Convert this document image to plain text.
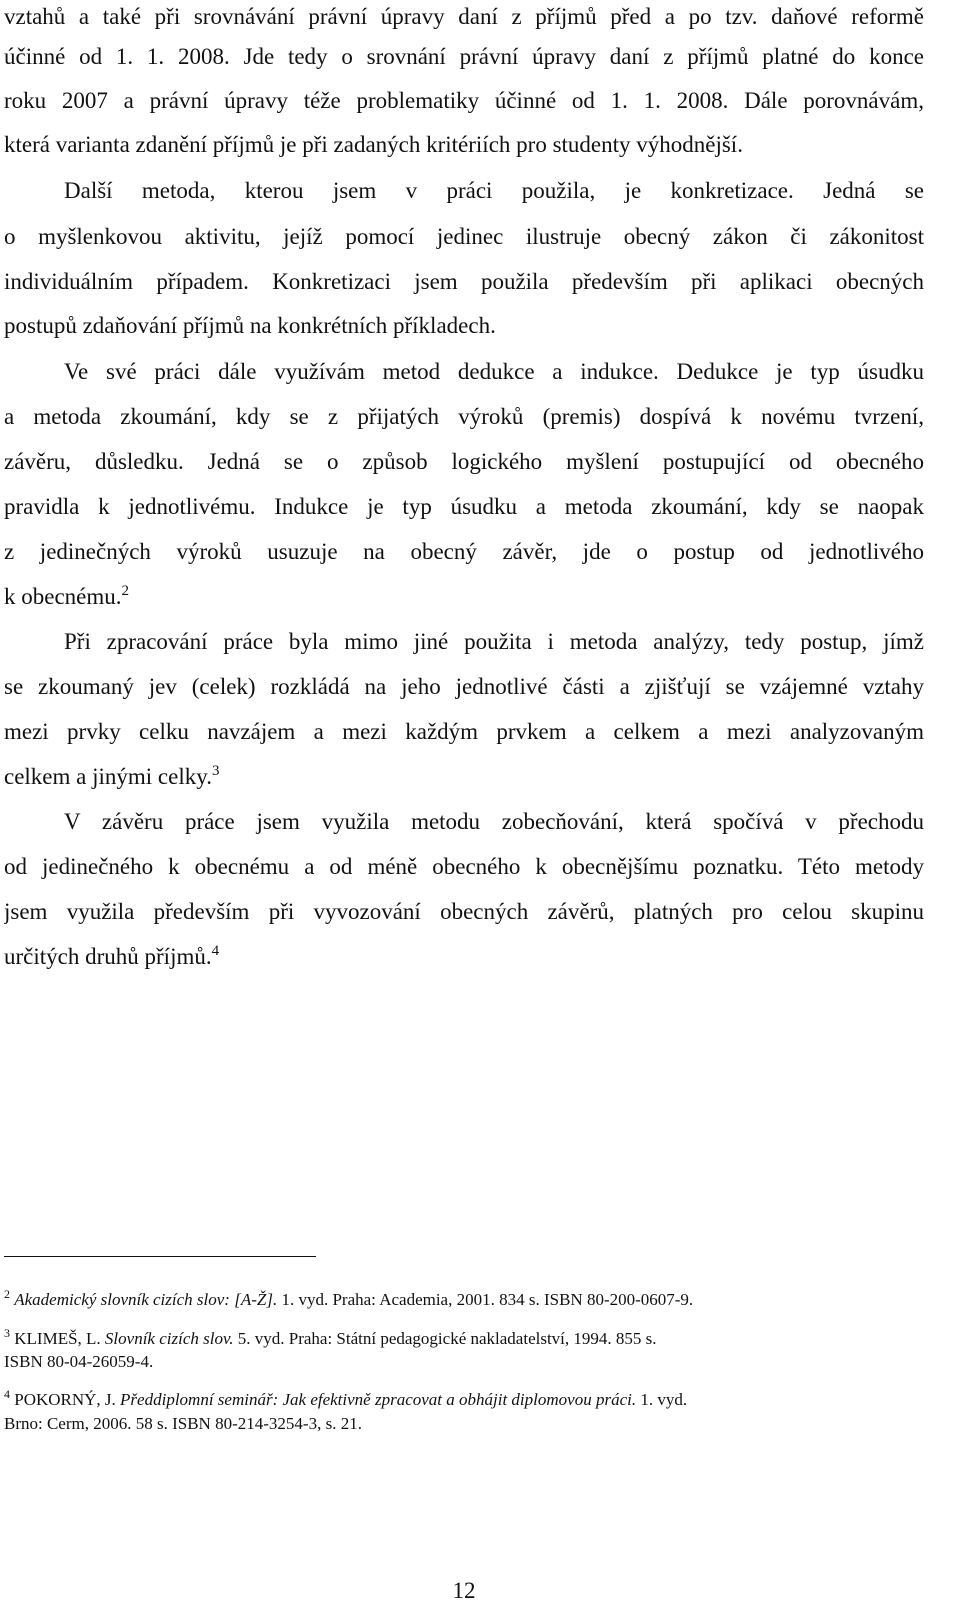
vztahů a také při srovnávání právní úpravy daní z příjmů před a po tzv. daňové reformě
účinné od 1. 1. 2008. Jde tedy o srovnání právní úpravy daní z příjmů platné do konce
roku 2007 a právní úpravy téže problematiky účinné od 1. 1. 2008. Dále porovnávám,
která varianta zdanění příjmů je při zadaných kritériích pro studenty výhodnější.
Další metoda, kterou jsem v práci použila, je konkretizace. Jedná se
o myšlenkovou aktivitu, jejíž pomocí jedinec ilustruje obecný zákon či zákonitost
individuálním případem. Konkretizaci jsem použila především při aplikaci obecných
postupů zdaňování příjmů na konkrétních příkladech.
Ve své práci dále využívám metod dedukce a indukce. Dedukce je typ úsudku
a metoda zkoumání, kdy se z přijatých výroků (premis) dospívá k novému tvrzení,
závěru, důsledku. Jedná se o způsob logického myšlení postupující od obecného
pravidla k jednotlivému. Indukce je typ úsudku a metoda zkoumání, kdy se naopak
z jedinečných výroků usuzuje na obecný závěr, jde o postup od jednotlivého
k obecnému.$^2$
Při zpracování práce byla mimo jiné použita i metoda analýzy, tedy postup, jímž
se zkoumaný jev (celek) rozkládá na jeho jednotlivé části a zjišťují se vzájemné vztahy
mezi prvky celku navzájem a mezi každým prvkem a celkem a mezi analyzovaným
celkem a jinými celky.$^3$
V závěru práce jsem využila metodu zobecňování, která spočívá v přechodu
od jedinečného k obecnému a od méně obecného k obecnějšímu poznatku. Této metody
jsem využila především při vyvozování obecných závěrů, platných pro celou skupinu
určitých druhů příjmů.$^4$
$^2$ Akademický slovník cizích slov: [A-Ž]. 1. vyd. Praha: Academia, 2001. 834 s. ISBN 80-200-0607-9.
$^3$ KLIMEŠ, L. Slovník cizích slov. 5. vyd. Praha: Státní pedagogické nakladatelství, 1994. 855 s.
ISBN 80-04-26059-4.
$^4$ POKORNÝ, J. Předdiplomní seminář: Jak efektivně zpracovat a obhájit diplomovou práci. 1. vyd.
Brno: Cerm, 2006. 58 s. ISBN 80-214-3254-3, s. 21.
12
